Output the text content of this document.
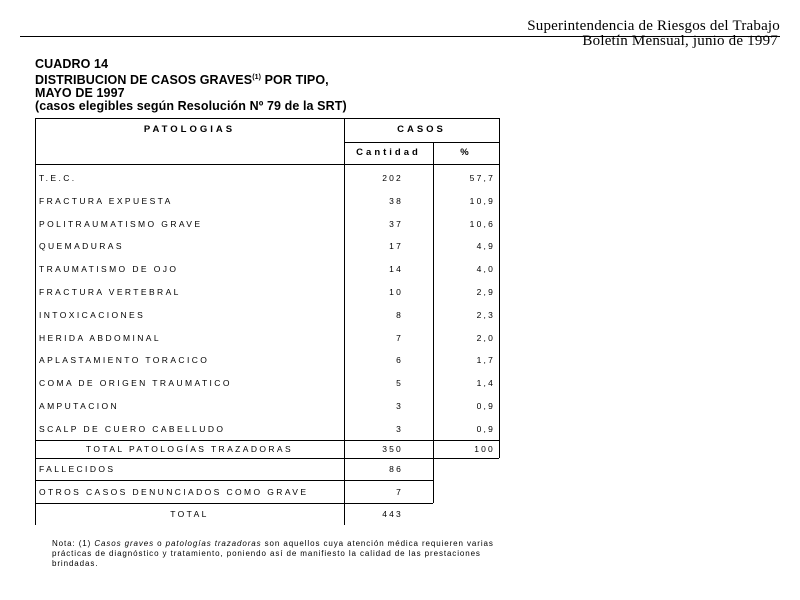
Superintendencia de Riesgos del Trabajo
Boletín Mensual, junio de 1997
CUADRO 14
DISTRIBUCION DE CASOS GRAVES$^{(1)}$ POR TIPO,
MAYO DE 1997
(casos elegibles según Resolución Nº 79 de la SRT)
PATOLOGIAS	CASOS
Cantidad	%
T.E.C.	202	57,7
FRACTURA EXPUESTA	38	10,9
POLITRAUMATISMO GRAVE	37	10,6
QUEMADURAS	17	4,9
TRAUMATISMO DE OJO	14	4,0
FRACTURA VERTEBRAL	10	2,9
INTOXICACIONES	8	2,3
HERIDA ABDOMINAL	7	2,0
APLASTAMIENTO TORACICO	6	1,7
COMA DE ORIGEN TRAUMATICO	5	1,4
AMPUTACION	3	0,9
SCALP DE CUERO CABELLUDO	3	0,9
TOTAL PATOLOGÍAS TRAZADORAS	350	100
FALLECIDOS	86
OTROS CASOS DENUNCIADOS COMO GRAVE	7
TOTAL	443
Nota: (1) Casos graves o patologías trazadoras son aquellos cuya atención médica requieren varias prácticas de diagnóstico y tratamiento, poniendo así de manifiesto la calidad de las prestaciones brindadas.
